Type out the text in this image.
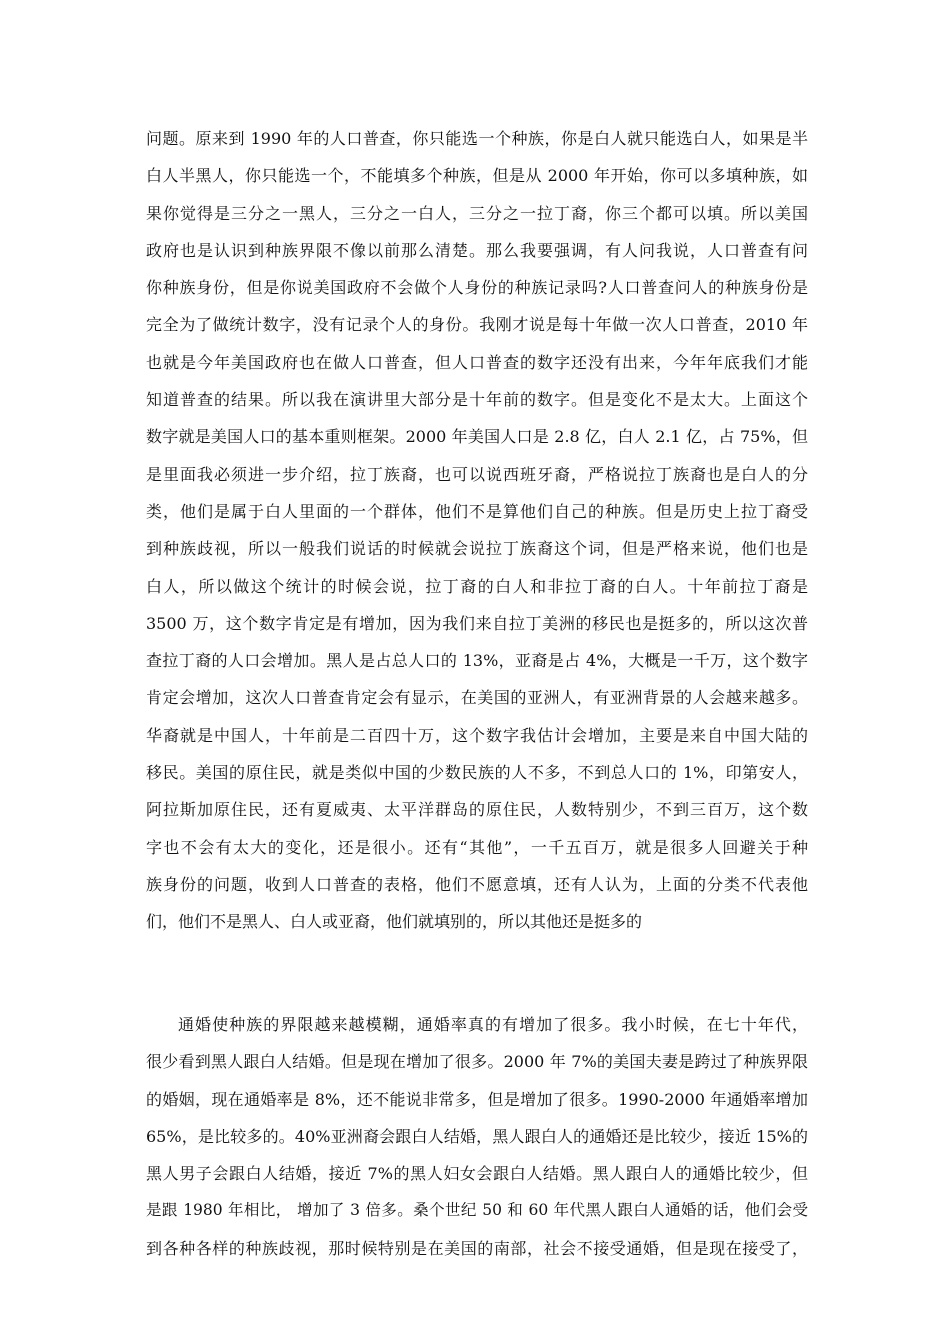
问题。原来到 1990 年的人口普查，你只能选一个种族，你是白人就只能选白人，如果是半
白人半黑人，你只能选一个，不能填多个种族，但是从 2000 年开始，你可以多填种族，如
果你觉得是三分之一黑人，三分之一白人，三分之一拉丁裔，你三个都可以填。所以美国
政府也是认识到种族界限不像以前那么清楚。那么我要强调，有人问我说，人口普查有问
你种族身份，但是你说美国政府不会做个人身份的种族记录吗?人口普查问人的种族身份是
完全为了做统计数字，没有记录个人的身份。我刚才说是每十年做一次人口普查，2010 年
也就是今年美国政府也在做人口普查，但人口普查的数字还没有出来，今年年底我们才能
知道普查的结果。所以我在演讲里大部分是十年前的数字。但是变化不是太大。上面这个
数字就是美国人口的基本重则框架。2000 年美国人口是 2.8 亿，白人 2.1 亿，占 75%，但
是里面我必须进一步介绍，拉丁族裔，也可以说西班牙裔，严格说拉丁族裔也是白人的分
类，他们是属于白人里面的一个群体，他们不是算他们自己的种族。但是历史上拉丁裔受
到种族歧视，所以一般我们说话的时候就会说拉丁族裔这个词，但是严格来说，他们也是
白人，所以做这个统计的时候会说，拉丁裔的白人和非拉丁裔的白人。十年前拉丁裔是
3500 万，这个数字肯定是有增加，因为我们来自拉丁美洲的移民也是挺多的，所以这次普
查拉丁裔的人口会增加。黑人是占总人口的 13%，亚裔是占 4%，大概是一千万，这个数字
肯定会增加，这次人口普查肯定会有显示，在美国的亚洲人，有亚洲背景的人会越来越多。
华裔就是中国人，十年前是二百四十万，这个数字我估计会增加，主要是来自中国大陆的
移民。美国的原住民，就是类似中国的少数民族的人不多，不到总人口的 1%，印第安人，
阿拉斯加原住民，还有夏威夷、太平洋群岛的原住民，人数特别少，不到三百万，这个数
字也不会有太大的变化，还是很小。还有“其他”，一千五百万，就是很多人回避关于种
族身份的问题，收到人口普查的表格，他们不愿意填，还有人认为，上面的分类不代表他
们，他们不是黑人、白人或亚裔，他们就填别的，所以其他还是挺多的
通婚使种族的界限越来越模糊，通婚率真的有增加了很多。我小时候，在七十年代，
很少看到黑人跟白人结婚。但是现在增加了很多。2000 年 7%的美国夫妻是跨过了种族界限
的婚姻，现在通婚率是 8%，还不能说非常多，但是增加了很多。1990-2000 年通婚率增加
65%，是比较多的。40%亚洲裔会跟白人结婚，黑人跟白人的通婚还是比较少，接近 15%的
黑人男子会跟白人结婚，接近 7%的黑人妇女会跟白人结婚。黑人跟白人的通婚比较少，但
是跟 1980 年相比， 增加了 3 倍多。桑个世纪 50 和 60 年代黑人跟白人通婚的话，他们会受
到各种各样的种族歧视，那时候特别是在美国的南部，社会不接受通婚，但是现在接受了，
